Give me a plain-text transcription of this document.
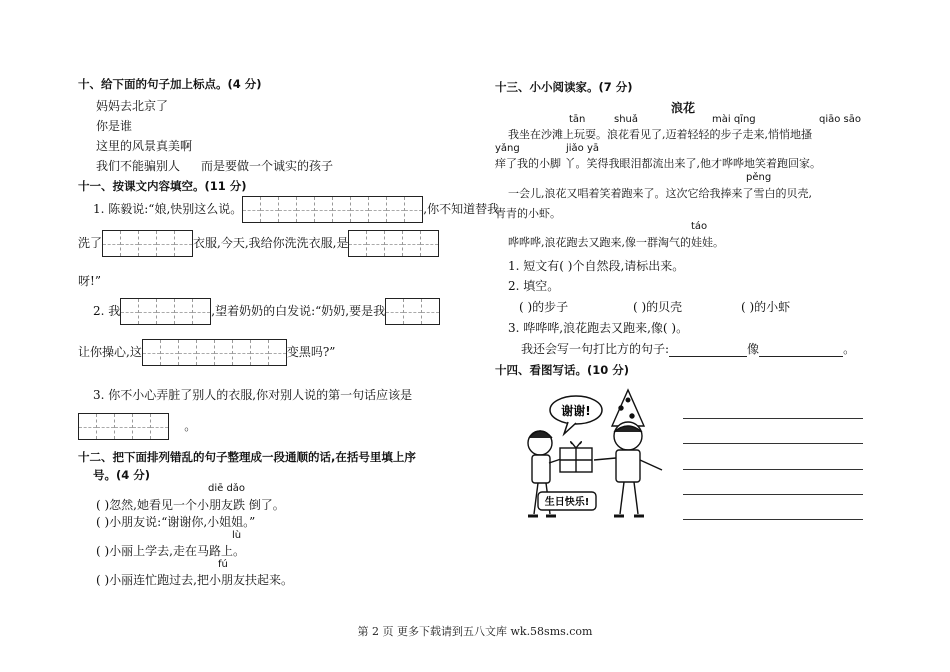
十、给下面的句子加上标点。(4 分)
妈妈去北京了
你是谁
这里的风景真美啊
我们不能骗别人 而是要做一个诚实的孩子
十一、按课文内容填空。(11 分)
1. 陈毅说:“娘,快别这么说。	,你不知道替我
洗了	衣服,今天,我给你洗洗衣服,是
呀!”
2. 我	,望着奶奶的白发说:“奶奶,要是我
让你操心,这	变黑吗?”
3. 你不小心弄脏了别人的衣服,你对别人说的第一句话应该是
。
十二、把下面排列错乱的句子整理成一段通顺的话,在括号里填上序
号。(4 分)
diē dǎo
( )忽然,她看见一个小朋友跌 倒了。
( )小朋友说:“谢谢你,小姐姐。”
lù
( )小丽上学去,走在马路上。
fú
( )小丽连忙跑过去,把小朋友扶起来。
十三、小小阅读家。(7 分)
浪花
tān	shuǎ	mài qīng	qiāo sāo
我坐在沙滩上玩耍。浪花看见了,迈着轻轻的步子走来,悄悄地搔
yǎng	jiǎo yā
痒了我的小脚 丫。笑得我眼泪都流出来了,他才哗哗地笑着跑回家。
pěng
一会儿,浪花又唱着笑着跑来了。这次它给我捧来了雪白的贝壳,
青青的小虾。
táo
哗哗哗,浪花跑去又跑来,像一群淘气的娃娃。
1. 短文有( )个自然段,请标出来。
2. 填空。
( )的步子	( )的贝壳	( )的小虾
3. 哗哗哗,浪花跑去又跑来,像( )。
我还会写一句打比方的句子:	像	。
十四、看图写话。(10 分)
谢谢!
生日快乐!
第 2 页 更多下载请到五八文库 wk.58sms.com
